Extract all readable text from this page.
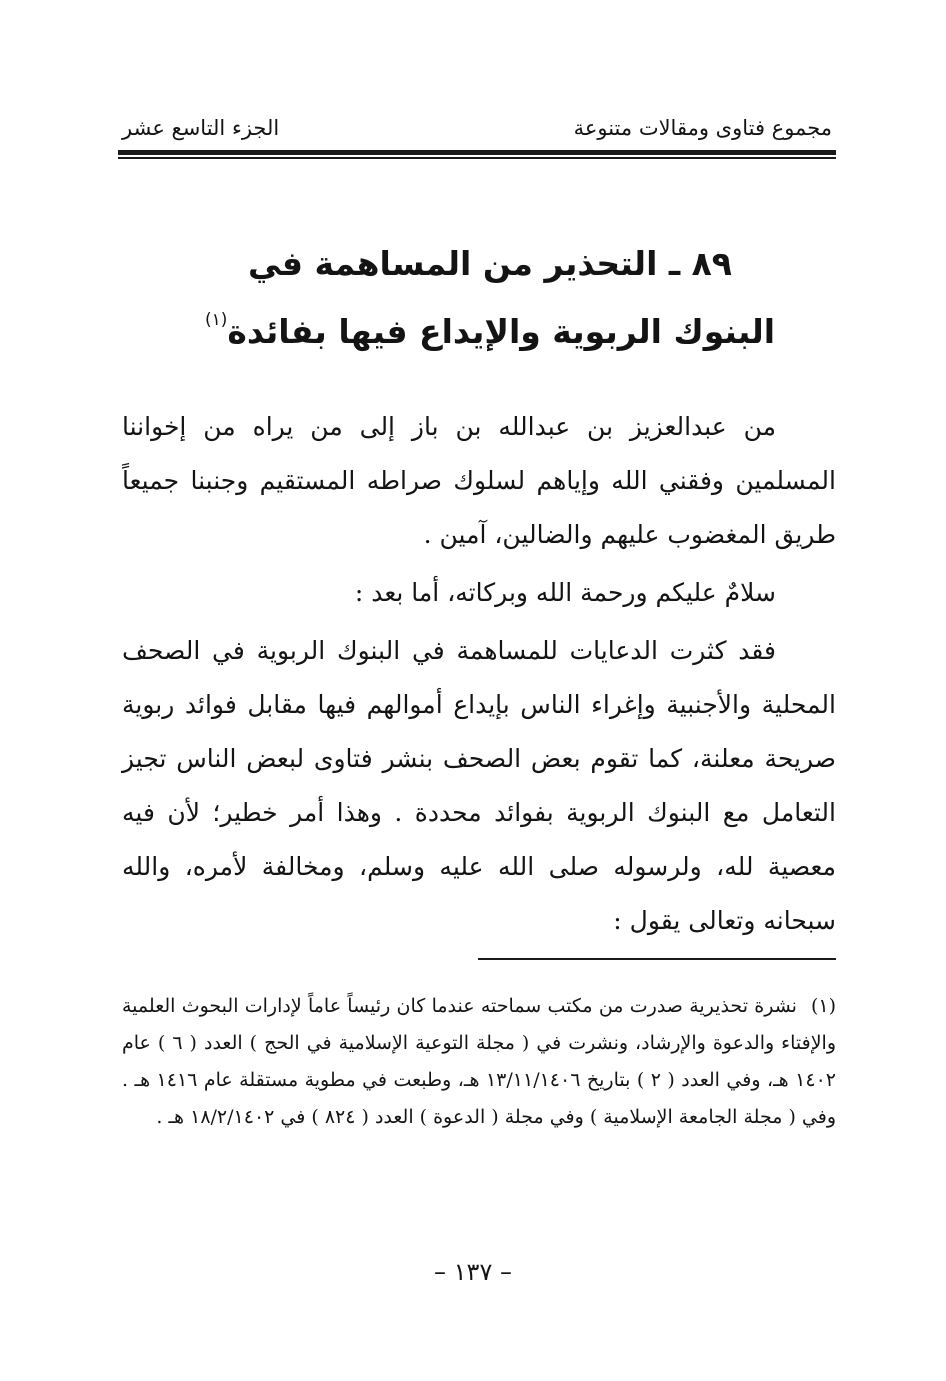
مجموع فتاوى ومقالات متنوعة
الجزء التاسع عشر
٨٩ ـ التحذير من المساهمة في
البنوك الربوية والإيداع فيها بفائدة$^{(١)}$

من عبدالعزيز بن عبدالله بن باز إلى من يراه من إخواننا المسلمين وفقني الله وإياهم لسلوك صراطه المستقيم وجنبنا جميعاً طريق المغضوب عليهم والضالين، آمين .

سلامٌ عليكم ورحمة الله وبركاته، أما بعد :

فقد كثرت الدعايات للمساهمة في البنوك الربوية في الصحف المحلية والأجنبية وإغراء الناس بإيداع أموالهم فيها مقابل فوائد ربوية صريحة معلنة، كما تقوم بعض الصحف بنشر فتاوى لبعض الناس تجيز التعامل مع البنوك الربوية بفوائد محددة . وهذا أمر خطير؛ لأن فيه معصية لله، ولرسوله صلى الله عليه وسلم، ومخالفة لأمره، والله سبحانه وتعالى يقول :

(١)نشرة تحذيرية صدرت من مكتب سماحته عندما كان رئيساً عاماً لإدارات البحوث العلمية والإفتاء والدعوة والإرشاد، ونشرت في ( مجلة التوعية الإسلامية في الحج ) العدد ( ٦ ) عام ١٤٠٢ هـ، وفي العدد ( ٢ ) بتاريخ ١٣/١١/١٤٠٦ هـ، وطبعت في مطوية مستقلة عام ١٤١٦ هـ . وفي ( مجلة الجامعة الإسلامية ) وفي مجلة ( الدعوة ) العدد ( ٨٢٤ ) في ١٨/٢/١٤٠٢ هـ .
– ١٣٧ –
